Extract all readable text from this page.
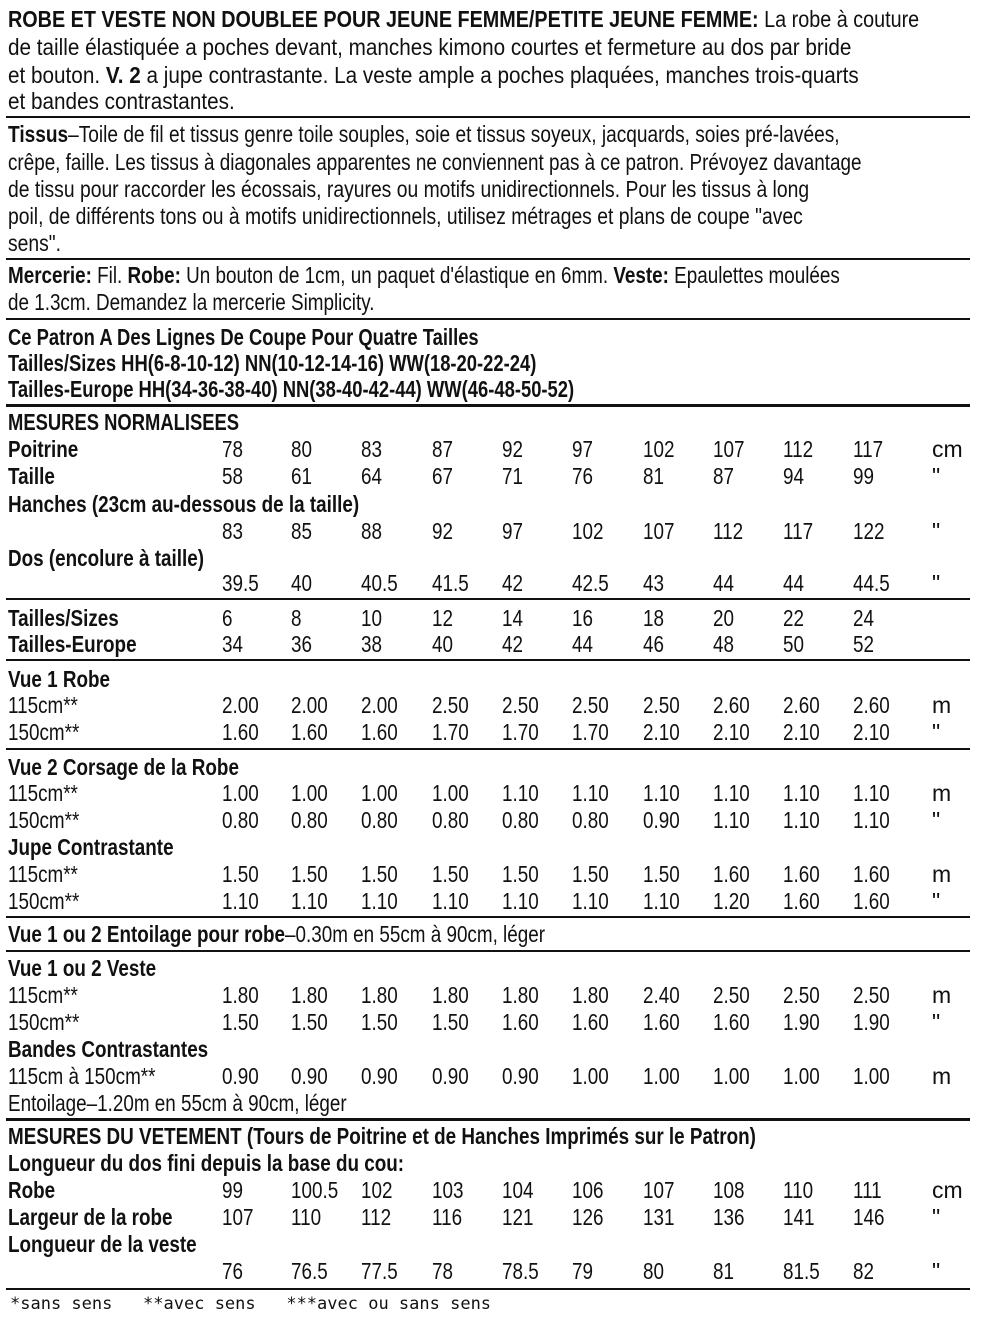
ROBE ET VESTE NON DOUBLEE POUR JEUNE FEMME/PETITE JEUNE FEMME: La robe à couture
de taille élastiquée a poches devant, manches kimono courtes et fermeture au dos par bride
et bouton. V. 2 a jupe contrastante. La veste ample a poches plaquées, manches trois-quarts
et bandes contrastantes.
Tissus–Toile de fil et tissus genre toile souples, soie et tissus soyeux, jacquards, soies pré-lavées,
crêpe, faille. Les tissus à diagonales apparentes ne conviennent pas à ce patron. Prévoyez davantage
de tissu pour raccorder les écossais, rayures ou motifs unidirectionnels. Pour les tissus à long
poil, de différents tons ou à motifs unidirectionnels, utilisez métrages et plans de coupe "avec
sens".
Mercerie: Fil. Robe: Un bouton de 1cm, un paquet d'élastique en 6mm. Veste: Epaulettes moulées
de 1.3cm. Demandez la mercerie Simplicity.
Ce Patron A Des Lignes De Coupe Pour Quatre Tailles
Tailles/Sizes HH(6-8-10-12) NN(10-12-14-16) WW(18-20-22-24)
Tailles-Europe HH(34-36-38-40) NN(38-40-42-44) WW(46-48-50-52)
MESURES NORMALISEES
Poitrine	78 80 83 87 92 97 102 107 112 117 cm
Taille	58 61 64 67 71 76 81 87 94 99	"
Hanches (23cm au-dessous de la taille)
83 85 88 92 97 102 107 112 117 122 "
Dos (encolure à taille)
39.5 40 40.5 41.5 42 42.5 43 44 44 44.5 "
Tailles/Sizes	6	8	10 12 14 16 18 20 22 24
Tailles-Europe	34 36 38 40 42 44 46 48 50 52
Vue 1 Robe
115cm**	2.00 2.00 2.00 2.50 2.50 2.50 2.50 2.60 2.60 2.60 m
150cm**	1.60 1.60 1.60 1.70 1.70 1.70 2.10 2.10 2.10 2.10 "
Vue 2 Corsage de la Robe
115cm**	1.00 1.00 1.00 1.00 1.10 1.10 1.10 1.10 1.10 1.10 m
150cm**	0.80 0.80 0.80 0.80 0.80 0.80 0.90 1.10 1.10 1.10 "
Jupe Contrastante
115cm**	1.50 1.50 1.50 1.50 1.50 1.50 1.50 1.60 1.60 1.60 m
150cm**	1.10 1.10 1.10 1.10 1.10 1.10 1.10 1.20 1.60 1.60 "
Vue 1 ou 2 Entoilage pour robe–0.30m en 55cm à 90cm, léger
Vue 1 ou 2 Veste
115cm**	1.80 1.80 1.80 1.80 1.80 1.80 2.40 2.50 2.50 2.50 m
150cm**	1.50 1.50 1.50 1.50 1.60 1.60 1.60 1.60 1.90 1.90 "
Bandes Contrastantes
115cm à 150cm**	0.90 0.90 0.90 0.90 0.90 1.00 1.00 1.00 1.00 1.00 m
Entoilage–1.20m en 55cm à 90cm, léger
MESURES DU VETEMENT (Tours de Poitrine et de Hanches Imprimés sur le Patron)
Longueur du dos fini depuis la base du cou:
Robe	99 100.5 102 103 104 106 107 108 110 111 cm
Largeur de la robe 107 110 112 116 121 126 131 136 141 146 "
Longueur de la veste
76 76.5 77.5 78 78.5 79 80 81 81.5 82	"
*sans sens   **avec sens   ***avec ou sans sens
